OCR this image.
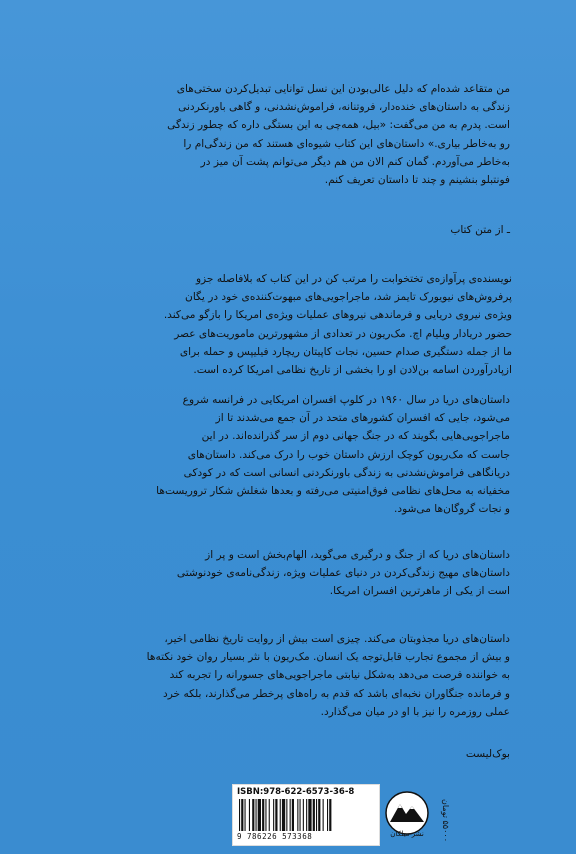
من متقاعد شده‌ام که دلیل عالی‌بودن این نسل توانایی تبدیل‌کردن سختی‌های
زندگی به داستان‌های خنده‌دار، فروتنانه، فراموش‌نشدنی، و گاهی باورنکردنی
است. پدرم به من می‌گفت: «بیل، همه‌چی به این بستگی داره که چطور زندگی
رو به‌خاطر بیاری.» داستان‌های این کتاب شیوه‌ای هستند که من زندگی‌ام را
به‌خاطر می‌آوردم. گمان کنم الان من هم دیگر می‌توانم پشت آن میز در
فونتبلو بنشینم و چند تا داستان تعریف کنم.
ـ از متن کتاب
نویسنده‌ی پرآوازه‌ی تختخوابت را مرتب کن در این کتاب که بلافاصله جزو
پرفروش‌های نیویورک تایمز شد، ماجراجویی‌های مبهوت‌کننده‌ی خود در یگان
ویژه‌ی نیروی دریایی و فرماندهی نیروهای عملیات ویژه‌ی امریکا را بازگو می‌کند.
حضور دریادار ویلیام اچ. مک‌ریون در تعدادی از مشهورترین ماموریت‌های عصر
ما از جمله دستگیری صدام حسین، نجات کاپیتان ریچارد فیلیپس و حمله برای
ازپادرآوردن اسامه بن‌لادن او را بخشی از تاریخ نظامی امریکا کرده است.
داستان‌های دریا در سال ۱۹۶۰ در کلوپ افسران امریکایی در فرانسه شروع
می‌شود، جایی که افسران کشورهای متحد در آن جمع می‌شدند تا از
ماجراجویی‌هایی بگویند که در جنگ جهانی دوم از سر گذرانده‌اند. در این
جاست که مک‌ریون کوچک ارزش داستان خوب را درک می‌کند. داستان‌های
دریانگاهی فراموش‌نشدنی به زندگی باورنکردنی انسانی است که در کودکی
مخفیانه به محل‌های نظامی فوق‌امنیتی می‌رفته و بعدها شغلش شکار تروریست‌ها
و نجات گروگان‌ها می‌شود.
داستان‌های دریا که از جنگ و درگیری می‌گوید، الهام‌بخش است و پر از
داستان‌های مهیج زندگی‌کردن در دنیای عملیات ویژه، زندگی‌نامه‌ی خودنوشتی
است از یکی از ماهرترین افسران امریکا.
داستان‌های دریا مجذوبتان می‌کند. چیزی است بیش از روایت تاریخ نظامی اخیر،
و بیش از مجموع تجارب قابل‌توجه یک انسان. مک‌ریون با نثر بسیار روان خود نکته‌ها
به خواننده فرصت می‌دهد به‌شکل نیابتی ماجراجویی‌های جسورانه را تجربه کند
و فرمانده جنگاوران نخبه‌ای باشد که قدم به راه‌های پرخطر می‌گذارند، بلکه خرد
عملی روزمره را نیز با او در میان می‌گذارد.
بوک‌لیست
ISBN:978-622-6573-36-8
9 786226 573368	نشر میلکان
۵۵۰۰۰ تومان
